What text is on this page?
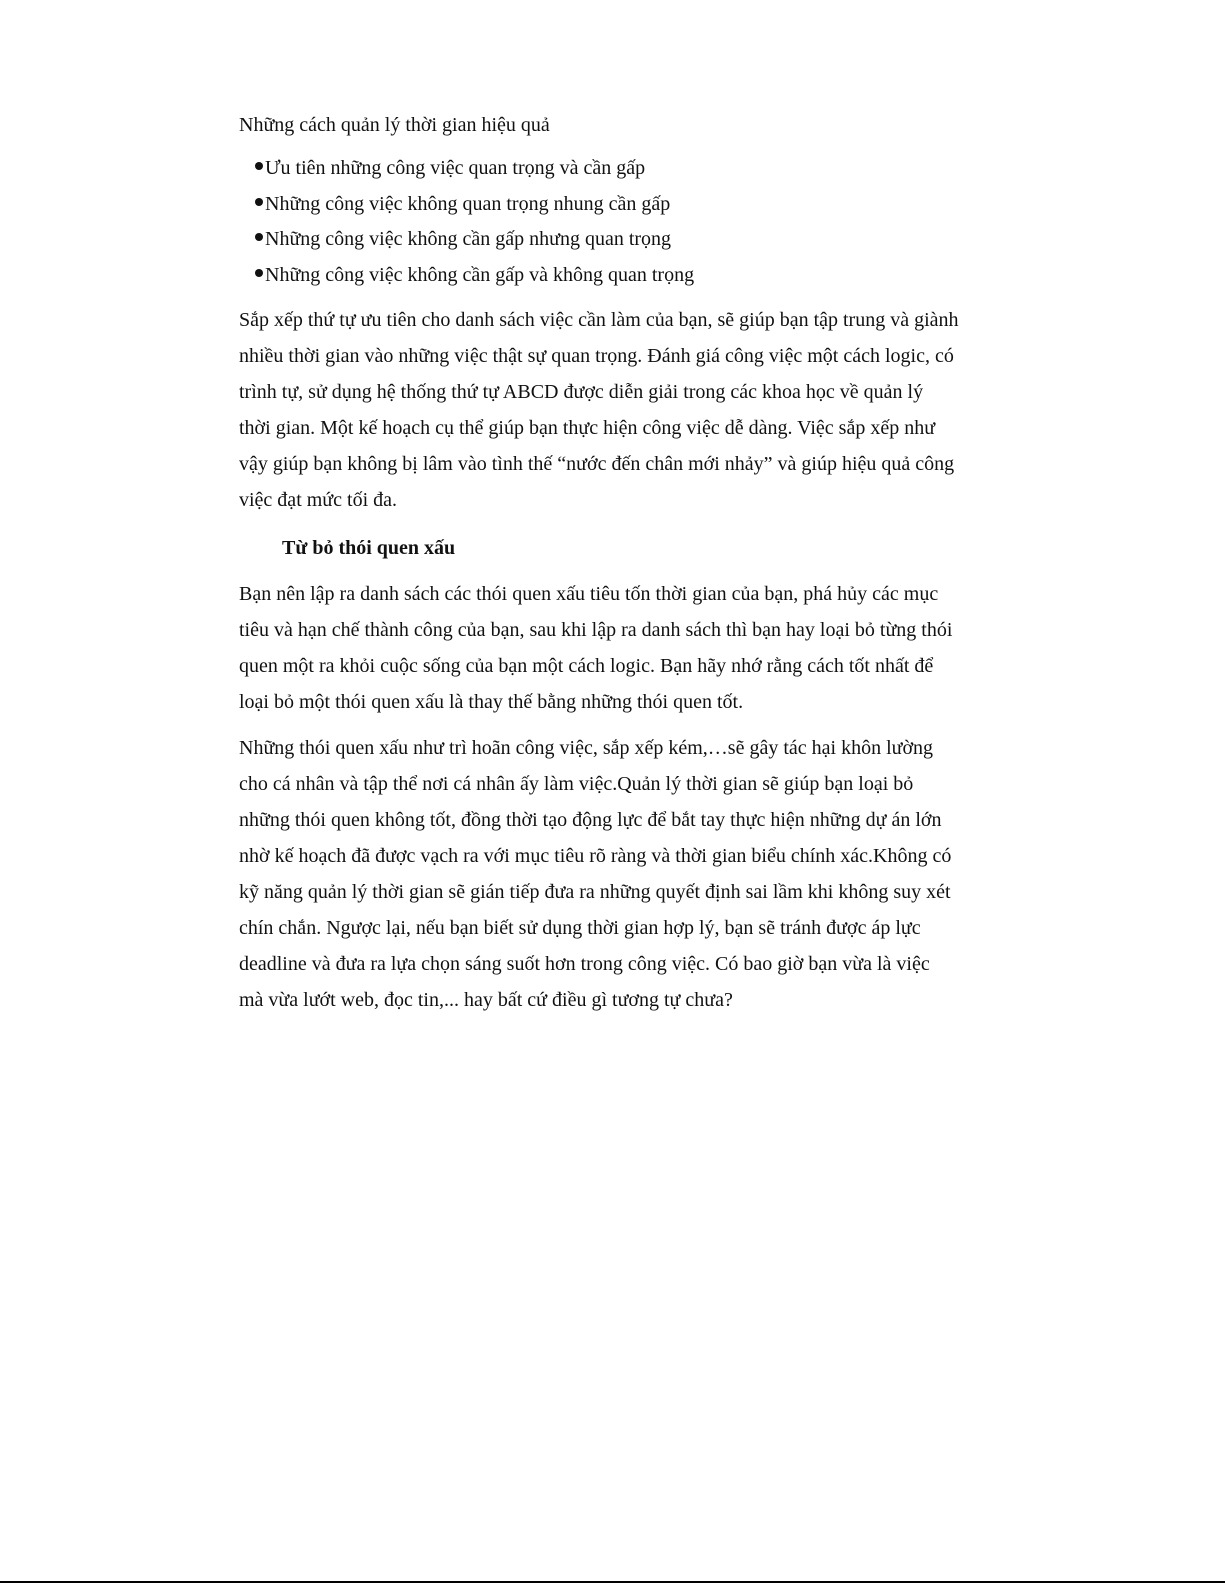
Những cách quản lý thời gian hiệu quả

Ưu tiên những công việc quan trọng và cần gấp
Những công việc không quan trọng nhung cần gấp
Những công việc không cần gấp nhưng quan trọng
Những công việc không cần gấp và không quan trọng

Sắp xếp thứ tự ưu tiên cho danh sách việc cần làm của bạn, sẽ giúp bạn tập trung và giành nhiều thời gian vào những việc thật sự quan trọng. Đánh giá công việc một cách logic, có trình tự, sử dụng hệ thống thứ tự ABCD được diễn giải trong các khoa học về quản lý thời gian. Một kế hoạch cụ thể giúp bạn thực hiện công việc dễ dàng. Việc sắp xếp như vậy giúp bạn không bị lâm vào tình thế “nước đến chân mới nhảy” và giúp hiệu quả công việc đạt mức tối đa.

Từ bỏ thói quen xấu

Bạn nên lập ra danh sách các thói quen xấu tiêu tốn thời gian của bạn, phá hủy các mục tiêu và hạn chế thành công của bạn, sau khi lập ra danh sách thì bạn hay loại bỏ từng thói quen một ra khỏi cuộc sống của bạn một cách logic. Bạn hãy nhớ rằng cách tốt nhất để loại bỏ một thói quen xấu là thay thế bằng những thói quen tốt.

Những thói quen xấu như trì hoãn công việc, sắp xếp kém,…sẽ gây tác hại khôn lường cho cá nhân và tập thể nơi cá nhân ấy làm việc.Quản lý thời gian sẽ giúp bạn loại bỏ những thói quen không tốt, đồng thời tạo động lực để bắt tay thực hiện những dự án lớn nhờ kế hoạch đã được vạch ra với mục tiêu rõ ràng và thời gian biểu chính xác.Không có kỹ năng quản lý thời gian sẽ gián tiếp đưa ra những quyết định sai lầm khi không suy xét chín chắn. Ngược lại, nếu bạn biết sử dụng thời gian hợp lý, bạn sẽ tránh được áp lực deadline và đưa ra lựa chọn sáng suốt hơn trong công việc. Có bao giờ bạn vừa là việc mà vừa lướt web, đọc tin,... hay bất cứ điều gì tương tự chưa?
